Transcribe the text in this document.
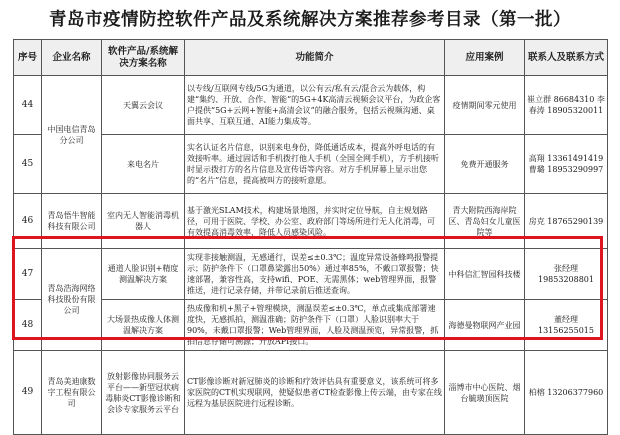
青岛市疫情防控软件产品及系统解决方案推荐参考目录（第一批）
序号	企业名称	软件产品/系统解决方案名称	功能简介	应用案例	联系人及联系方式
44	中国电信青岛分公司	天翼云会议	以专线/互联网专线/5G为通道，以公有云/私有云/混合云为载体，构建“集约、开放、合作、智能”的5G+4K高清云视频会议平台，为政企客户提供“5G+云网+智能+高清会议”的融合服务，包括云视频沟通、桌面共享、互联互通、AI能力集成等。	疫情期间零元使用	崔立群 86684310 李春涛 18905320011
45		来电名片	实名认证名片信息，识别来电身份，降低通话成本，提高外呼电话的有效接听率。通过固话和手机拨打他人手机（全国全网手机），方手机接听时显示拨打方的名片信息及宣传语等内容。对方手机屏幕上显示出您的“名片”信息，提高被叫方的接听意愿。	免费开通服务	高翔 13361491419 曹璐 18953290997
46	青岛悟牛智能科技有限公司	室内无人智能消毒机器人	基于激光SLAM技术，构建场景地图，并实时定位导航，自主规划路径，可用于医院、学校、办公室、政府部门等场所进行无人化消毒，可有效提高消毒效率，降低人员感染风险。	青大附院西海岸院区、青岛妇女儿童医院等	房克 18765290139
47	青岛浩海网络科技股份有限公司	通道人脸识别+精度测温解决方案	实现非接触测温，无感通行，误差≤±0.3℃；温度异常设备蜂鸣报警提示；防护条件下（口罩鼻梁露出50%）通过率85%，不戴口罩报警；快速部署，兼容性高，支持wifi、POE、无需黑体；web管理界面，报警推送，进行记录存储，并带记录前后推送查询。	中科信汇智园科技楼	张经理 19853208801
48		大场景热成像人体测温解决方案	热成像和机+黑子+管理模块，测温误差≤±0.3℃，单点或集成部署速度快，无感抓拍，测温准确；防护条件下（口罩）人脸识别率大于90%，未戴口罩报警；Web管理界面，人脸及测温预览，异常报警，抓拍信息存储可溯源；开放API接口。	海德曼物联网产业园	董经理 13156255015
49	青岛美迪康数字工程有限公司	放射影像协同服务云平台——新型冠状病毒肺炎CT影像诊断和会诊专家服务云平台	CT影像诊断对新冠肺炎的诊断和疗效评估具有重要意义，该系统可将多家医院的CT机实现联网，使疑似患者CT检查影像上传云端，由专家在线远程为基层医院进行远程诊断。	淄博市中心医院、烟台毓璜顶医院	柏榕 13206377960
